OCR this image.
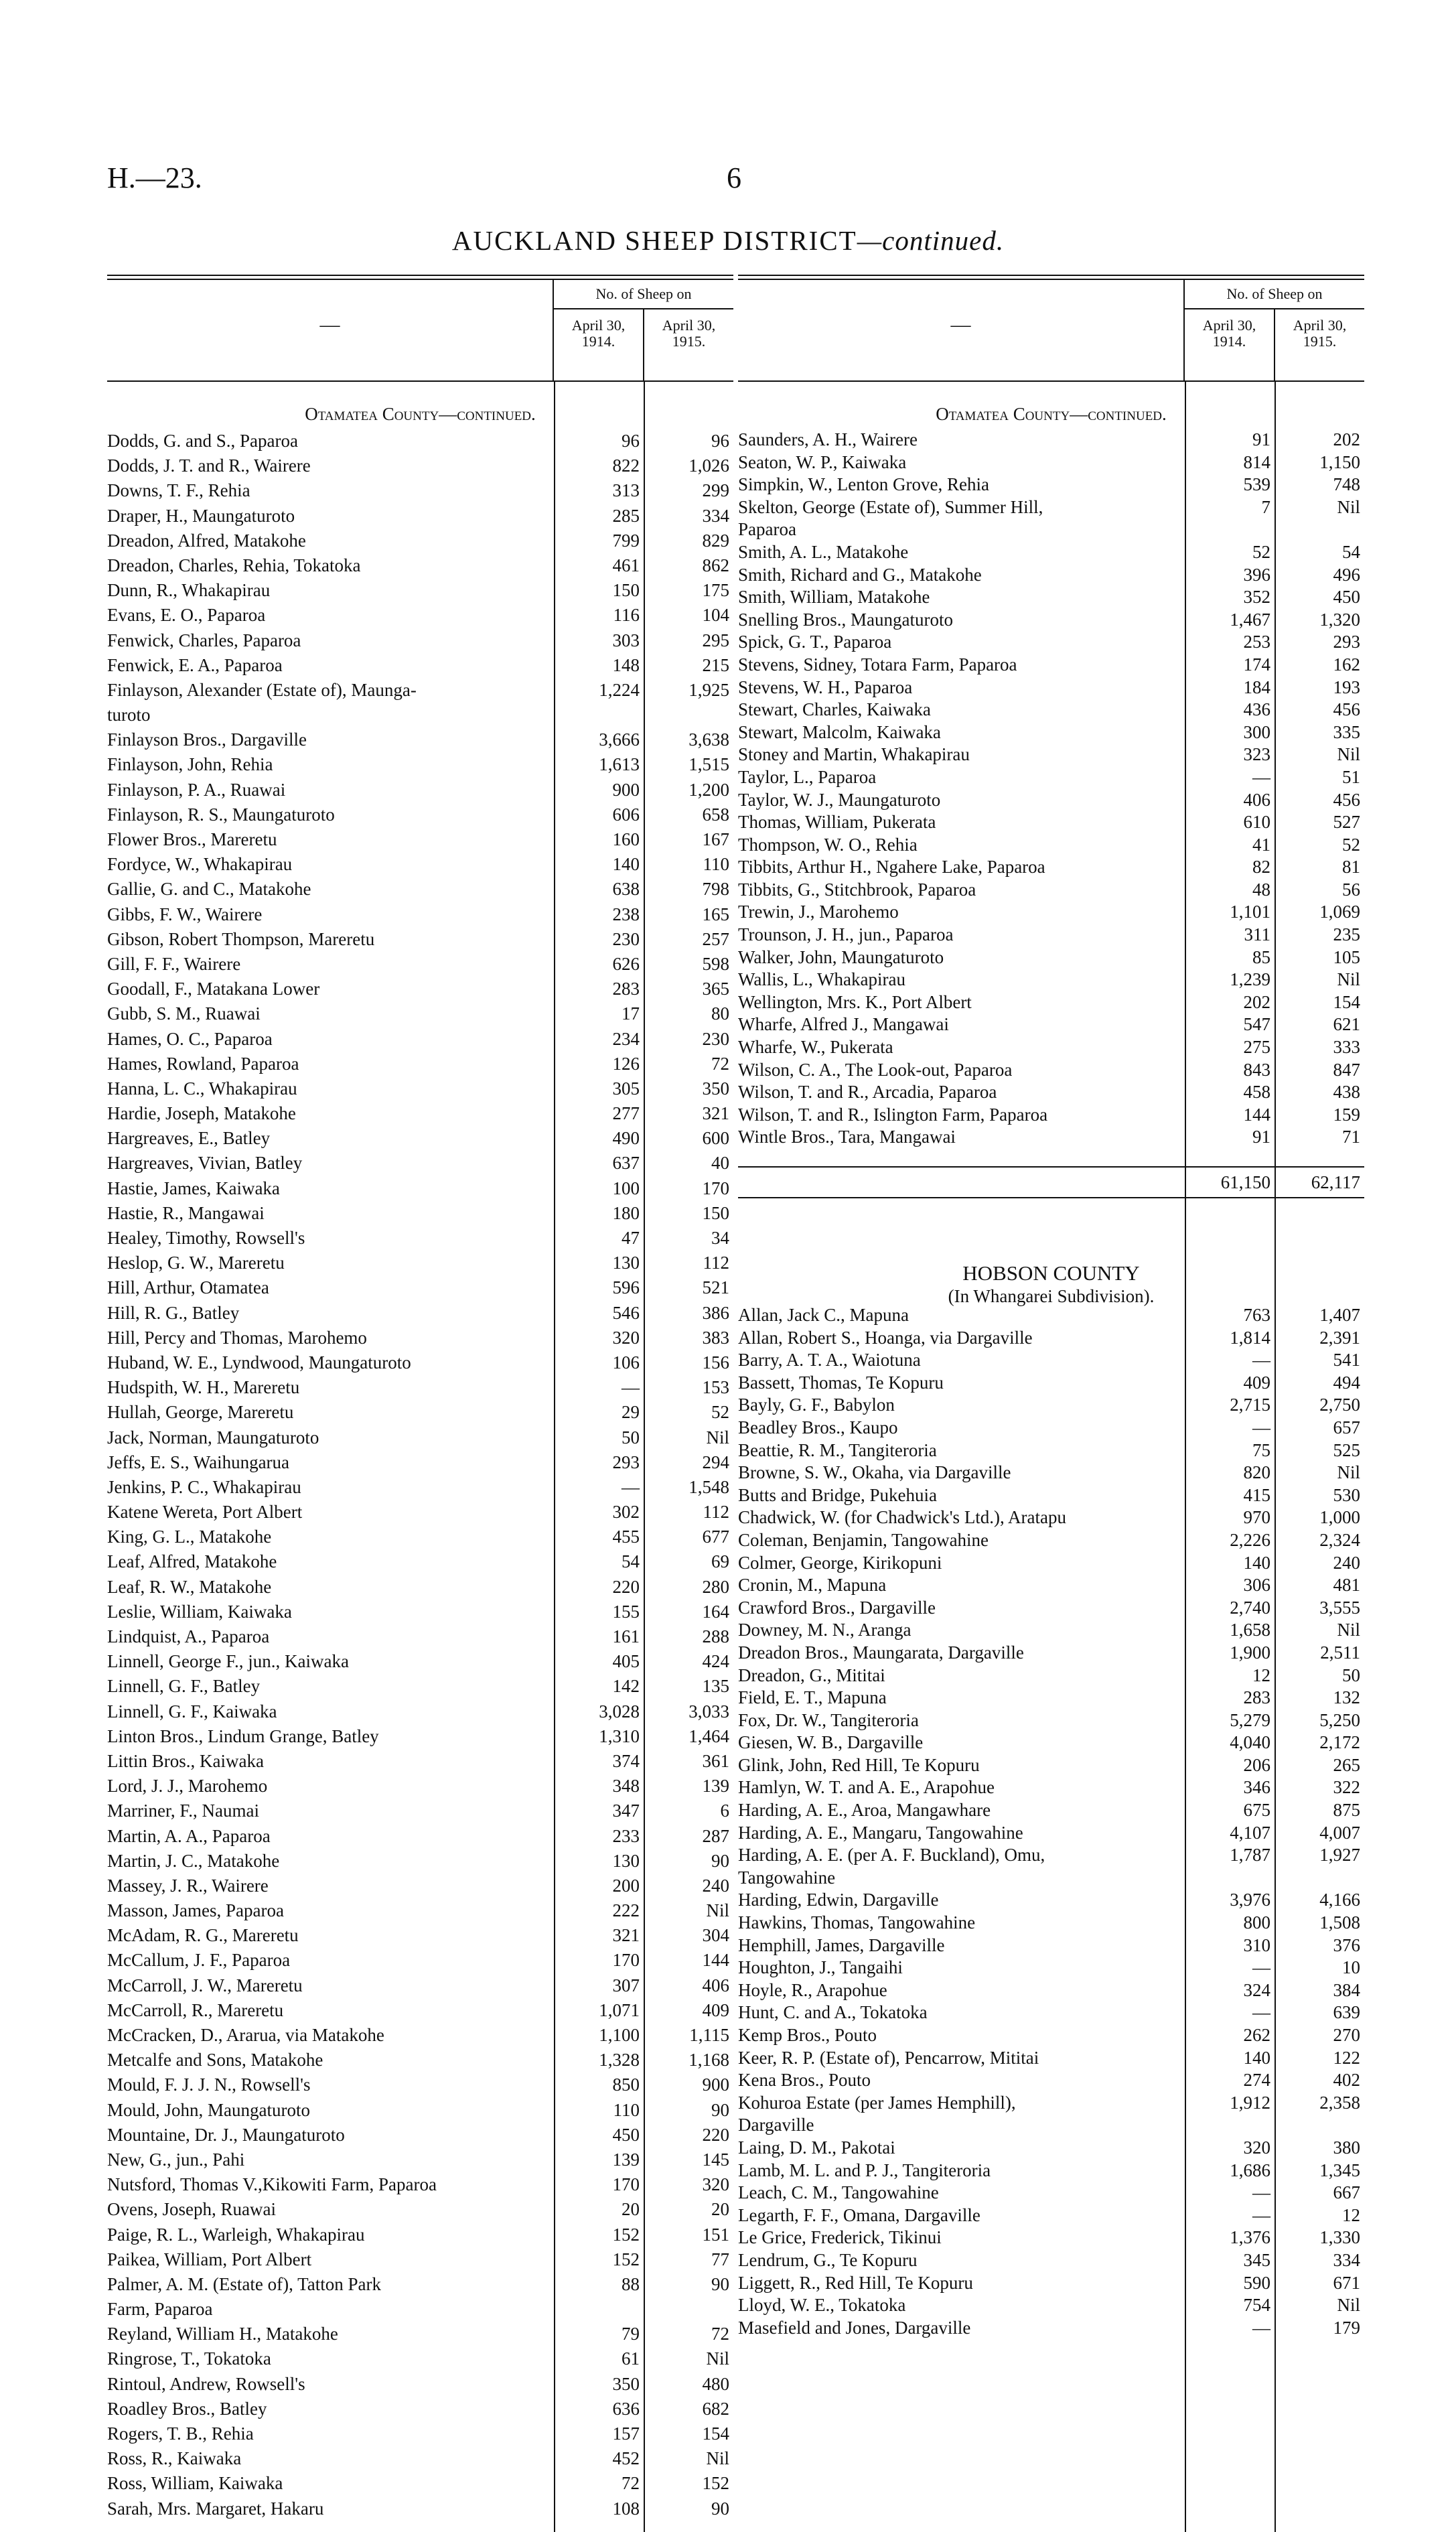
H.—23.	6
AUCKLAND SHEEP DISTRICT—continued.
—
No. of Sheep on
April 30, 1914.
April 30, 1915.
Otamatea County—continued.
Dodds, G. and S., Paparoa	96	96
Dodds, J. T. and R., Wairere	822	1,026
Downs, T. F., Rehia	313	299
Draper, H., Maungaturoto	285	334
Dreadon, Alfred, Matakohe	799	829
Dreadon, Charles, Rehia, Tokatoka	461	862
Dunn, R., Whakapirau	150	175
Evans, E. O., Paparoa	116	104
Fenwick, Charles, Paparoa	303	295
Fenwick, E. A., Paparoa	148	215
Finlayson, Alexander (Estate of), Maunga-	1,224	1,925
turoto
Finlayson Bros., Dargaville	3,666	3,638
Finlayson, John, Rehia	1,613	1,515
Finlayson, P. A., Ruawai	900	1,200
Finlayson, R. S., Maungaturoto	606	658
Flower Bros., Mareretu	160	167
Fordyce, W., Whakapirau	140	110
Gallie, G. and C., Matakohe	638	798
Gibbs, F. W., Wairere	238	165
Gibson, Robert Thompson, Mareretu	230	257
Gill, F. F., Wairere	626	598
Goodall, F., Matakana Lower	283	365
Gubb, S. M., Ruawai	17	80
Hames, O. C., Paparoa	234	230
Hames, Rowland, Paparoa	126	72
Hanna, L. C., Whakapirau	305	350
Hardie, Joseph, Matakohe	277	321
Hargreaves, E., Batley	490	600
Hargreaves, Vivian, Batley	637	40
Hastie, James, Kaiwaka	100	170
Hastie, R., Mangawai	180	150
Healey, Timothy, Rowsell's	47	34
Heslop, G. W., Mareretu	130	112
Hill, Arthur, Otamatea	596	521
Hill, R. G., Batley	546	386
Hill, Percy and Thomas, Marohemo	320	383
Huband, W. E., Lyndwood, Maungaturoto	106	156
Hudspith, W. H., Mareretu	—	153
Hullah, George, Mareretu	29	52
Jack, Norman, Maungaturoto	50	Nil
Jeffs, E. S., Waihungarua	293	294
Jenkins, P. C., Whakapirau	—	1,548
Katene Wereta, Port Albert	302	112
King, G. L., Matakohe	455	677
Leaf, Alfred, Matakohe	54	69
Leaf, R. W., Matakohe	220	280
Leslie, William, Kaiwaka	155	164
Lindquist, A., Paparoa	161	288
Linnell, George F., jun., Kaiwaka	405	424
Linnell, G. F., Batley	142	135
Linnell, G. F., Kaiwaka	3,028	3,033
Linton Bros., Lindum Grange, Batley	1,310	1,464
Littin Bros., Kaiwaka	374	361
Lord, J. J., Marohemo	348	139
Marriner, F., Naumai	347	6
Martin, A. A., Paparoa	233	287
Martin, J. C., Matakohe	130	90
Massey, J. R., Wairere	200	240
Masson, James, Paparoa	222	Nil
McAdam, R. G., Mareretu	321	304
McCallum, J. F., Paparoa	170	144
McCarroll, J. W., Mareretu	307	406
McCarroll, R., Mareretu	1,071	409
McCracken, D., Ararua, via Matakohe	1,100	1,115
Metcalfe and Sons, Matakohe	1,328	1,168
Mould, F. J. J. N., Rowsell's	850	900
Mould, John, Maungaturoto	110	90
Mountaine, Dr. J., Maungaturoto	450	220
New, G., jun., Pahi	139	145
Nutsford, Thomas V.,Kikowiti Farm, Paparoa	170	320
Ovens, Joseph, Ruawai	20	20
Paige, R. L., Warleigh, Whakapirau	152	151
Paikea, William, Port Albert	152	77
Palmer, A. M. (Estate of), Tatton Park	88	90
Farm, Paparoa
Reyland, William H., Matakohe	79	72
Ringrose, T., Tokatoka	61	Nil
Rintoul, Andrew, Rowsell's	350	480
Roadley Bros., Batley	636	682
Rogers, T. B., Rehia	157	154
Ross, R., Kaiwaka	452	Nil
Ross, William, Kaiwaka	72	152
Sarah, Mrs. Margaret, Hakaru	108	90
—
No. of Sheep on
April 30, 1914.
April 30, 1915.
Otamatea County—continued.
Saunders, A. H., Wairere	91	202
Seaton, W. P., Kaiwaka	814	1,150
Simpkin, W., Lenton Grove, Rehia	539	748
Skelton, George (Estate of), Summer Hill,	7	Nil
Paparoa
Smith, A. L., Matakohe	52	54
Smith, Richard and G., Matakohe	396	496
Smith, William, Matakohe	352	450
Snelling Bros., Maungaturoto	1,467	1,320
Spick, G. T., Paparoa	253	293
Stevens, Sidney, Totara Farm, Paparoa	174	162
Stevens, W. H., Paparoa	184	193
Stewart, Charles, Kaiwaka	436	456
Stewart, Malcolm, Kaiwaka	300	335
Stoney and Martin, Whakapirau	323	Nil
Taylor, L., Paparoa	—	51
Taylor, W. J., Maungaturoto	406	456
Thomas, William, Pukerata	610	527
Thompson, W. O., Rehia	41	52
Tibbits, Arthur H., Ngahere Lake, Paparoa	82	81
Tibbits, G., Stitchbrook, Paparoa	48	56
Trewin, J., Marohemo	1,101	1,069
Trounson, J. H., jun., Paparoa	311	235
Walker, John, Maungaturoto	85	105
Wallis, L., Whakapirau	1,239	Nil
Wellington, Mrs. K., Port Albert	202	154
Wharfe, Alfred J., Mangawai	547	621
Wharfe, W., Pukerata	275	333
Wilson, C. A., The Look-out, Paparoa	843	847
Wilson, T. and R., Arcadia, Paparoa	458	438
Wilson, T. and R., Islington Farm, Paparoa	144	159
Wintle Bros., Tara, Mangawai	91	71
61,150	62,117
HOBSON COUNTY
(In Whangarei Subdivision).
Allan, Jack C., Mapuna	763	1,407
Allan, Robert S., Hoanga, via Dargaville	1,814	2,391
Barry, A. T. A., Waiotuna	—	541
Bassett, Thomas, Te Kopuru	409	494
Bayly, G. F., Babylon	2,715	2,750
Beadley Bros., Kaupo	—	657
Beattie, R. M., Tangiteroria	75	525
Browne, S. W., Okaha, via Dargaville	820	Nil
Butts and Bridge, Pukehuia	415	530
Chadwick, W. (for Chadwick's Ltd.), Aratapu	970	1,000
Coleman, Benjamin, Tangowahine	2,226	2,324
Colmer, George, Kirikopuni	140	240
Cronin, M., Mapuna	306	481
Crawford Bros., Dargaville	2,740	3,555
Downey, M. N., Aranga	1,658	Nil
Dreadon Bros., Maungarata, Dargaville	1,900	2,511
Dreadon, G., Mititai	12	50
Field, E. T., Mapuna	283	132
Fox, Dr. W., Tangiteroria	5,279	5,250
Giesen, W. B., Dargaville	4,040	2,172
Glink, John, Red Hill, Te Kopuru	206	265
Hamlyn, W. T. and A. E., Arapohue	346	322
Harding, A. E., Aroa, Mangawhare	675	875
Harding, A. E., Mangaru, Tangowahine	4,107	4,007
Harding, A. E. (per A. F. Buckland), Omu,	1,787	1,927
Tangowahine
Harding, Edwin, Dargaville	3,976	4,166
Hawkins, Thomas, Tangowahine	800	1,508
Hemphill, James, Dargaville	310	376
Houghton, J., Tangaihi	—	10
Hoyle, R., Arapohue	324	384
Hunt, C. and A., Tokatoka	—	639
Kemp Bros., Pouto	262	270
Keer, R. P. (Estate of), Pencarrow, Mititai	140	122
Kena Bros., Pouto	274	402
Kohuroa Estate (per James Hemphill),	1,912	2,358
Dargaville
Laing, D. M., Pakotai	320	380
Lamb, M. L. and P. J., Tangiteroria	1,686	1,345
Leach, C. M., Tangowahine	—	667
Legarth, F. F., Omana, Dargaville	—	12
Le Grice, Frederick, Tikinui	1,376	1,330
Lendrum, G., Te Kopuru	345	334
Liggett, R., Red Hill, Te Kopuru	590	671
Lloyd, W. E., Tokatoka	754	Nil
Masefield and Jones, Dargaville	—	179
